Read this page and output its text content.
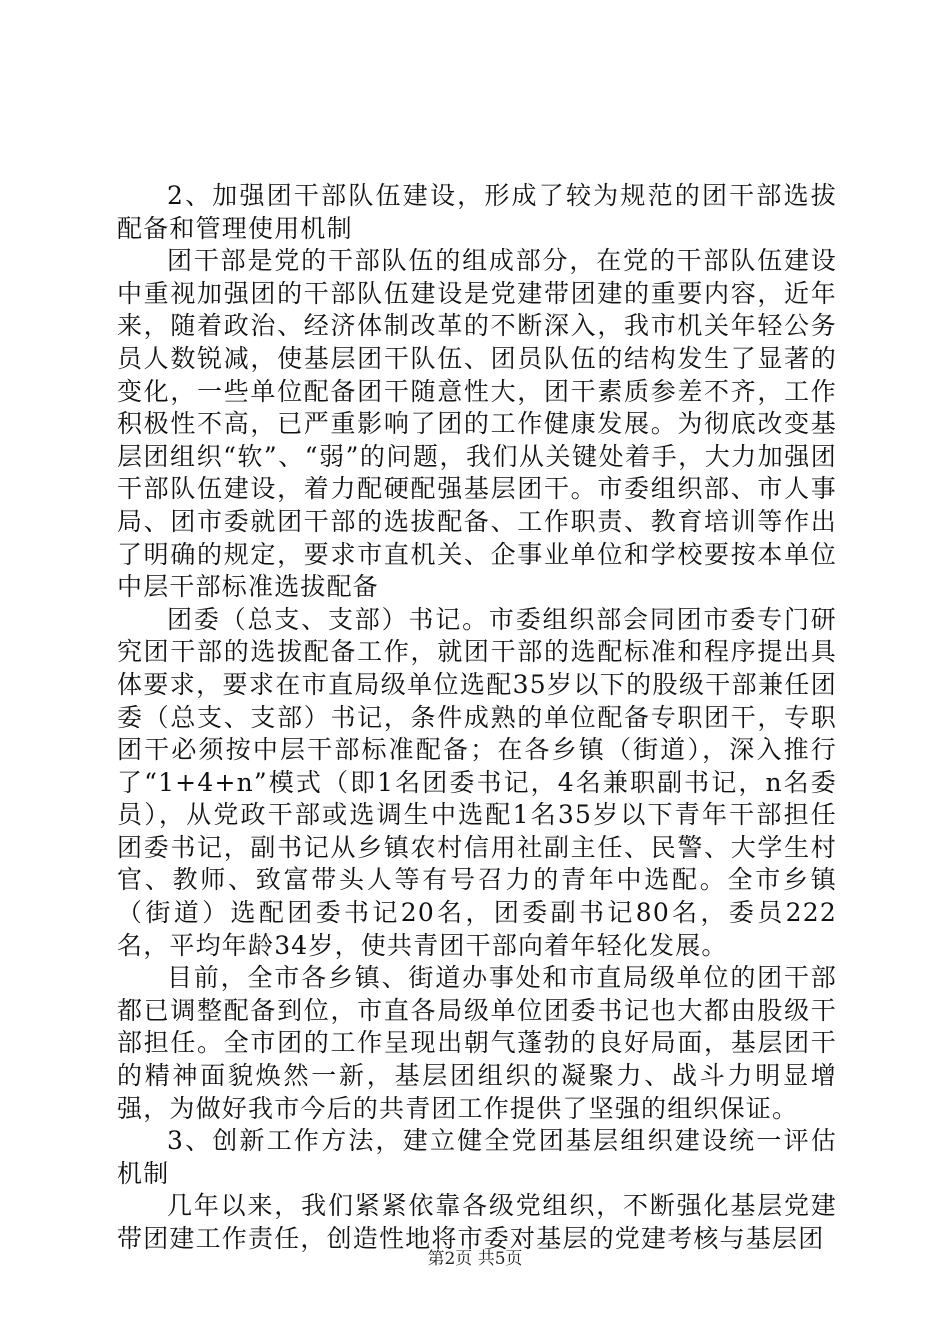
2、加强团干部队伍建设，形成了较为规范的团干部选拔配备和管理使用机制

团干部是党的干部队伍的组成部分，在党的干部队伍建设中重视加强团的干部队伍建设是党建带团建的重要内容，近年来，随着政治、经济体制改革的不断深入，我市机关年轻公务员人数锐减，使基层团干队伍、团员队伍的结构发生了显著的变化，一些单位配备团干随意性大，团干素质参差不齐，工作积极性不高，已严重影响了团的工作健康发展。为彻底改变基层团组织“软”、“弱”的问题，我们从关键处着手，大力加强团干部队伍建设，着力配硬配强基层团干。市委组织部、市人事局、团市委就团干部的选拔配备、工作职责、教育培训等作出了明确的规定，要求市直机关、企事业单位和学校要按本单位中层干部标准选拔配备

团委（总支、支部）书记。市委组织部会同团市委专门研究团干部的选拔配备工作，就团干部的选配标准和程序提出具体要求，要求在市直局级单位选配35岁以下的股级干部兼任团委（总支、支部）书记，条件成熟的单位配备专职团干，专职团干必须按中层干部标准配备；在各乡镇（街道），深入推行了“1+4+n”模式（即1名团委书记，4名兼职副书记，n名委员），从党政干部或选调生中选配1名35岁以下青年干部担任团委书记，副书记从乡镇农村信用社副主任、民警、大学生村官、教师、致富带头人等有号召力的青年中选配。全市乡镇（街道）选配团委书记20名，团委副书记80名，委员222名，平均年龄34岁，使共青团干部向着年轻化发展。

目前，全市各乡镇、街道办事处和市直局级单位的团干部都已调整配备到位，市直各局级单位团委书记也大都由股级干部担任。全市团的工作呈现出朝气蓬勃的良好局面，基层团干的精神面貌焕然一新，基层团组织的凝聚力、战斗力明显增强，为做好我市今后的共青团工作提供了坚强的组织保证。

3、创新工作方法，建立健全党团基层组织建设统一评估机制

几年以来，我们紧紧依靠各级党组织，不断强化基层党建带团建工作责任，创造性地将市委对基层的党建考核与基层团

第2页 共5页
